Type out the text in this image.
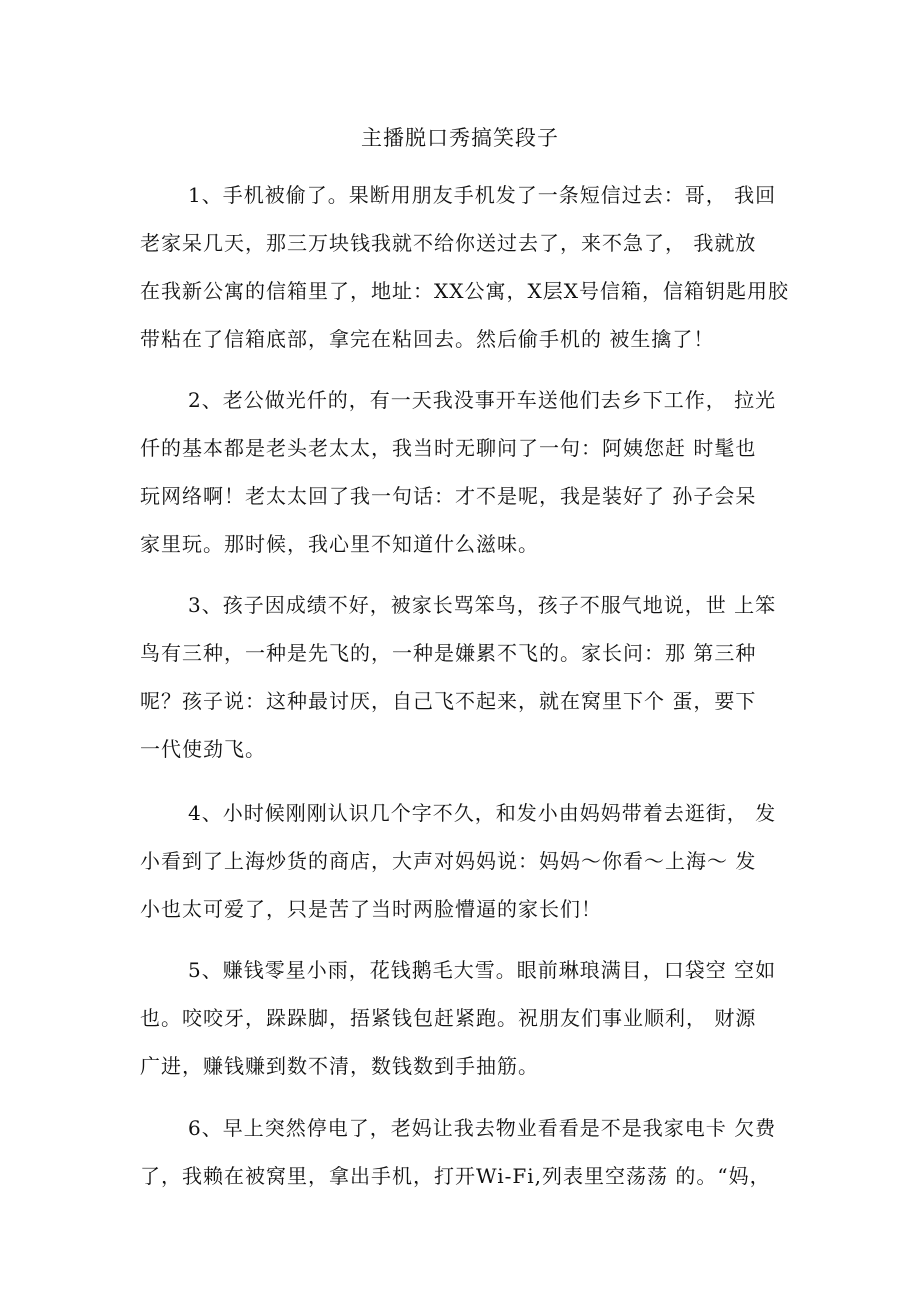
主播脱口秀搞笑段子
1、手机被偷了。果断用朋友手机发了一条短信过去：哥， 我回
老家呆几天，那三万块钱我就不给你送过去了，来不急了， 我就放
在我新公寓的信箱里了，地址：XX公寓，X层X号信箱，信箱钥匙用胶
带粘在了信箱底部，拿完在粘回去。然后偷手机的 被生擒了！
2、老公做光仟的，有一天我没事开车送他们去乡下工作， 拉光
仟的基本都是老头老太太，我当时无聊问了一句：阿姨您赶 时髦也
玩网络啊！老太太回了我一句话：才不是呢，我是装好了 孙子会呆
家里玩。那时候，我心里不知道什么滋味。
3、孩子因成绩不好，被家长骂笨鸟，孩子不服气地说，世 上笨
鸟有三种，一种是先飞的，一种是嫌累不飞的。家长问：那 第三种
呢？孩子说：这种最讨厌，自己飞不起来，就在窝里下个 蛋，要下
一代使劲飞。
4、小时候刚刚认识几个字不久，和发小由妈妈带着去逛街， 发
小看到了上海炒货的商店，大声对妈妈说：妈妈～你看～上海～ 发
小也太可爱了，只是苦了当时两脸懵逼的家长们！
5、赚钱零星小雨，花钱鹅毛大雪。眼前琳琅满目，口袋空 空如
也。咬咬牙，跺跺脚，捂紧钱包赶紧跑。祝朋友们事业顺利， 财源
广进，赚钱赚到数不清，数钱数到手抽筋。
6、早上突然停电了，老妈让我去物业看看是不是我家电卡 欠费
了，我赖在被窝里，拿出手机，打开Wi-Fi,列表里空荡荡 的。“妈，
